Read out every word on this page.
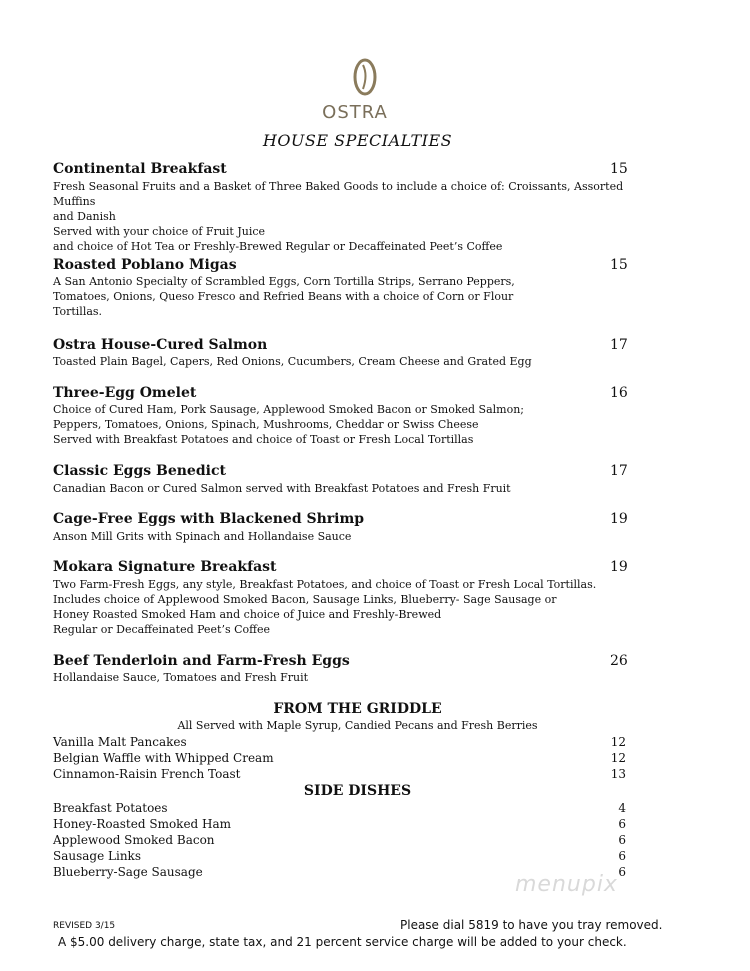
OSTRA
HOUSE SPECIALTIES
Continental Breakfast	15
Fresh Seasonal Fruits and a Basket of Three Baked Goods to include a choice of: Croissants, Assorted Muffins
and Danish
Served with your choice of Fruit Juice
and choice of Hot Tea or Freshly-Brewed Regular or Decaffeinated Peet’s Coffee
Roasted Poblano Migas	15
A San Antonio Specialty of Scrambled Eggs, Corn Tortilla Strips, Serrano Peppers,
Tomatoes, Onions, Queso Fresco and Refried Beans with a choice of Corn or Flour
Tortillas.
Ostra House-Cured Salmon	17
Toasted Plain Bagel, Capers, Red Onions, Cucumbers, Cream Cheese and Grated Egg
Three-Egg Omelet	16
Choice of Cured Ham, Pork Sausage, Applewood Smoked Bacon or Smoked Salmon;
Peppers, Tomatoes, Onions, Spinach, Mushrooms, Cheddar or Swiss Cheese
Served with Breakfast Potatoes and choice of Toast or Fresh Local Tortillas
Classic Eggs Benedict	17
Canadian Bacon or Cured Salmon served with Breakfast Potatoes and Fresh Fruit
Cage-Free Eggs with Blackened Shrimp	19
Anson Mill Grits with Spinach and Hollandaise Sauce
Mokara Signature Breakfast	19
Two Farm-Fresh Eggs, any style, Breakfast Potatoes, and choice of Toast or Fresh Local Tortillas.
Includes choice of Applewood Smoked Bacon, Sausage Links, Blueberry- Sage Sausage or
Honey Roasted Smoked Ham and choice of Juice and Freshly-Brewed
Regular or Decaffeinated Peet’s Coffee
Beef Tenderloin and Farm-Fresh Eggs	26
Hollandaise Sauce, Tomatoes and Fresh Fruit
FROM THE GRIDDLE
All Served with Maple Syrup, Candied Pecans and Fresh Berries
Vanilla Malt Pancakes	12
Belgian Waffle with Whipped Cream	12
Cinnamon-Raisin French Toast	13
SIDE DISHES
Breakfast Potatoes	4
Honey-Roasted Smoked Ham	6
Applewood Smoked Bacon	6
Sausage Links	6
Blueberry-Sage Sausage	6
menupix
REVISED 3/15	Please dial 5819 to have you tray removed.
A $5.00 delivery charge, state tax, and 21 percent service charge will be added to your check.
